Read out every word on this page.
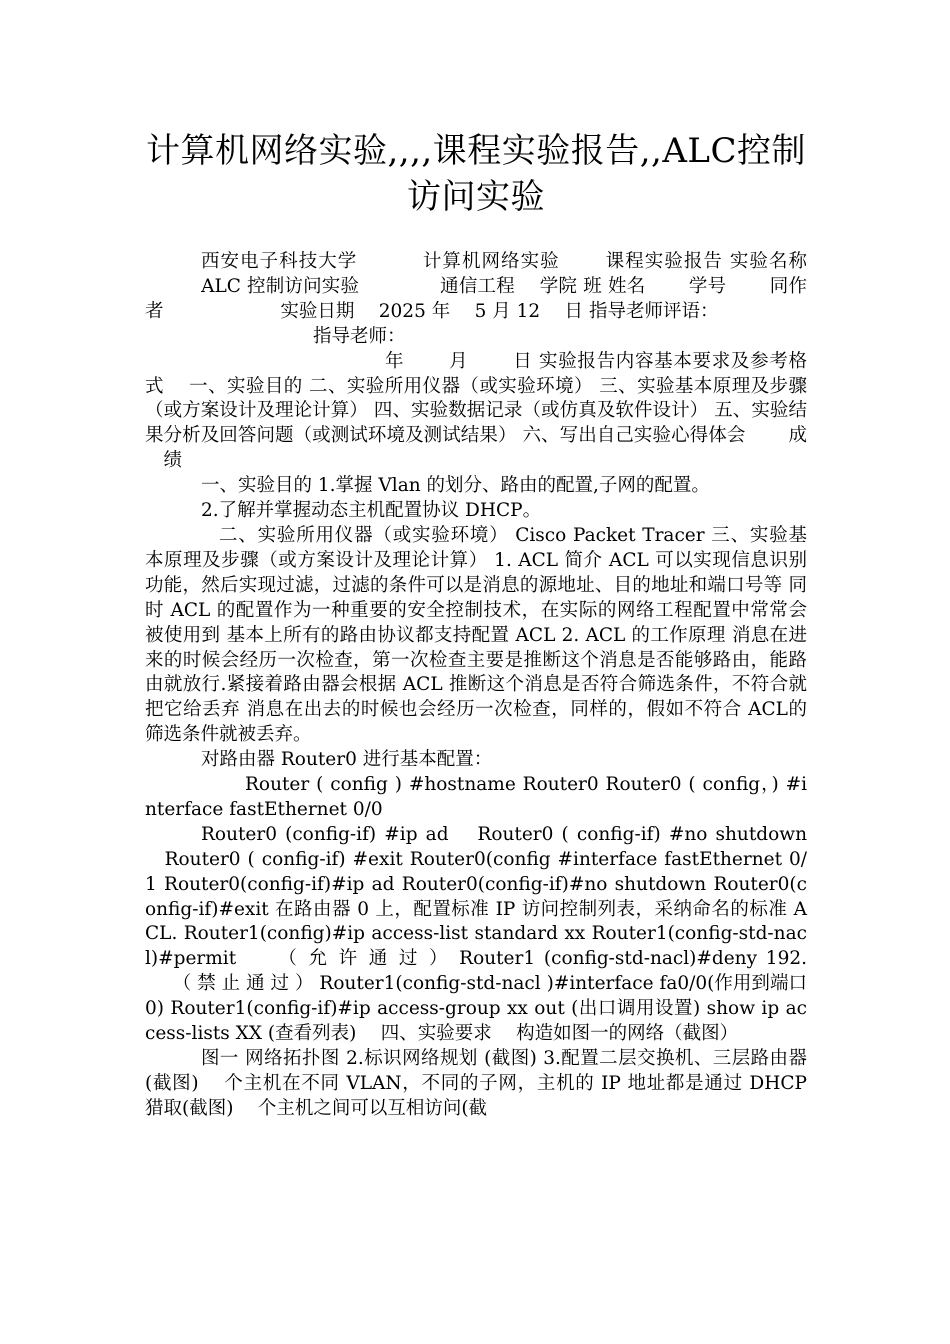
计算机网络实验,,,,课程实验报告,,ALC控制访问实验

西安电子科技大学 　　　计算机网络实验 　　课程实验报告 实验名称 　　　ALC 控制访问实验 　　　　通信工程 　学院 班 姓名 　　学号 　　同作者 　　　　　　实验日期 　2025 年 　5 月 12 　日 指导老师评语：

指导老师：

年 　　月 　　日 实验报告内容基本要求及参考格式 　一、实验目的 二、实验所用仪器（或实验环境） 三、实验基本原理及步骤（或方案设计及理论计算） 四、实验数据记录（或仿真及软件设计） 五、实验结果分析及回答问题（或测试环境及测试结果） 六、写出自己实验心得体会 　　成 　绩

一、实验目的 1.掌握 Vlan 的划分、路由的配置,子网的配置。

2.了解并掌握动态主机配置协议 DHCP。

二、实验所用仪器（或实验环境） Cisco Packet Tracer 三、实验基本原理及步骤（或方案设计及理论计算） 1. ACL 简介 ACL 可以实现信息识别功能，然后实现过滤，过滤的条件可以是消息的源地址、目的地址和端口号等 同时 ACL 的配置作为一种重要的安全控制技术，在实际的网络工程配置中常常会被使用到 基本上所有的路由协议都支持配置 ACL 2. ACL 的工作原理 消息在进来的时候会经历一次检查，第一次检查主要是推断这个消息是否能够路由，能路由就放行.紧接着路由器会根据 ACL 推断这个消息是否符合筛选条件，不符合就把它给丢弃 消息在出去的时候也会经历一次检查，同样的，假如不符合 ACL的筛选条件就被丢弃。

对路由器 Router0 进行基本配置：

Router ( config ) #hostname Router0 Router0 ( config，) #interface fastEthernet 0/0

Router0 (config-if) #ip ad 　Router0 ( config-if) #no shutdown 　Router0 ( config-if) #exit Router0(config #interface fastEthernet 0/1 Router0(config-if)#ip ad Router0(config-if)#no shutdown Router0(config-if)#exit 在路由器 0 上，配置标准 IP 访问控制列表，采纳命名的标准 ACL. Router1(config)#ip access-list standard xx Router1(config-std-nacl)#permit 　　（ 允 许 通 过 ） Router1 (config-std-nacl)#deny 192. 　　（ 禁 止 通 过 ） Router1(config-std-nacl )#interface fa0/0(作用到端口 0) Router1(config-if)#ip access-group xx out (出口调用设置) show ip access-lists XX (查看列表) 　四、实验要求 　构造如图一的网络（截图）

图一 网络拓扑图 2.标识网络规划 (截图) 3.配置二层交换机、三层路由器(截图) 　个主机在不同 VLAN，不同的子网，主机的 IP 地址都是通过 DHCP 猎取(截图) 　个主机之间可以互相访问(截
